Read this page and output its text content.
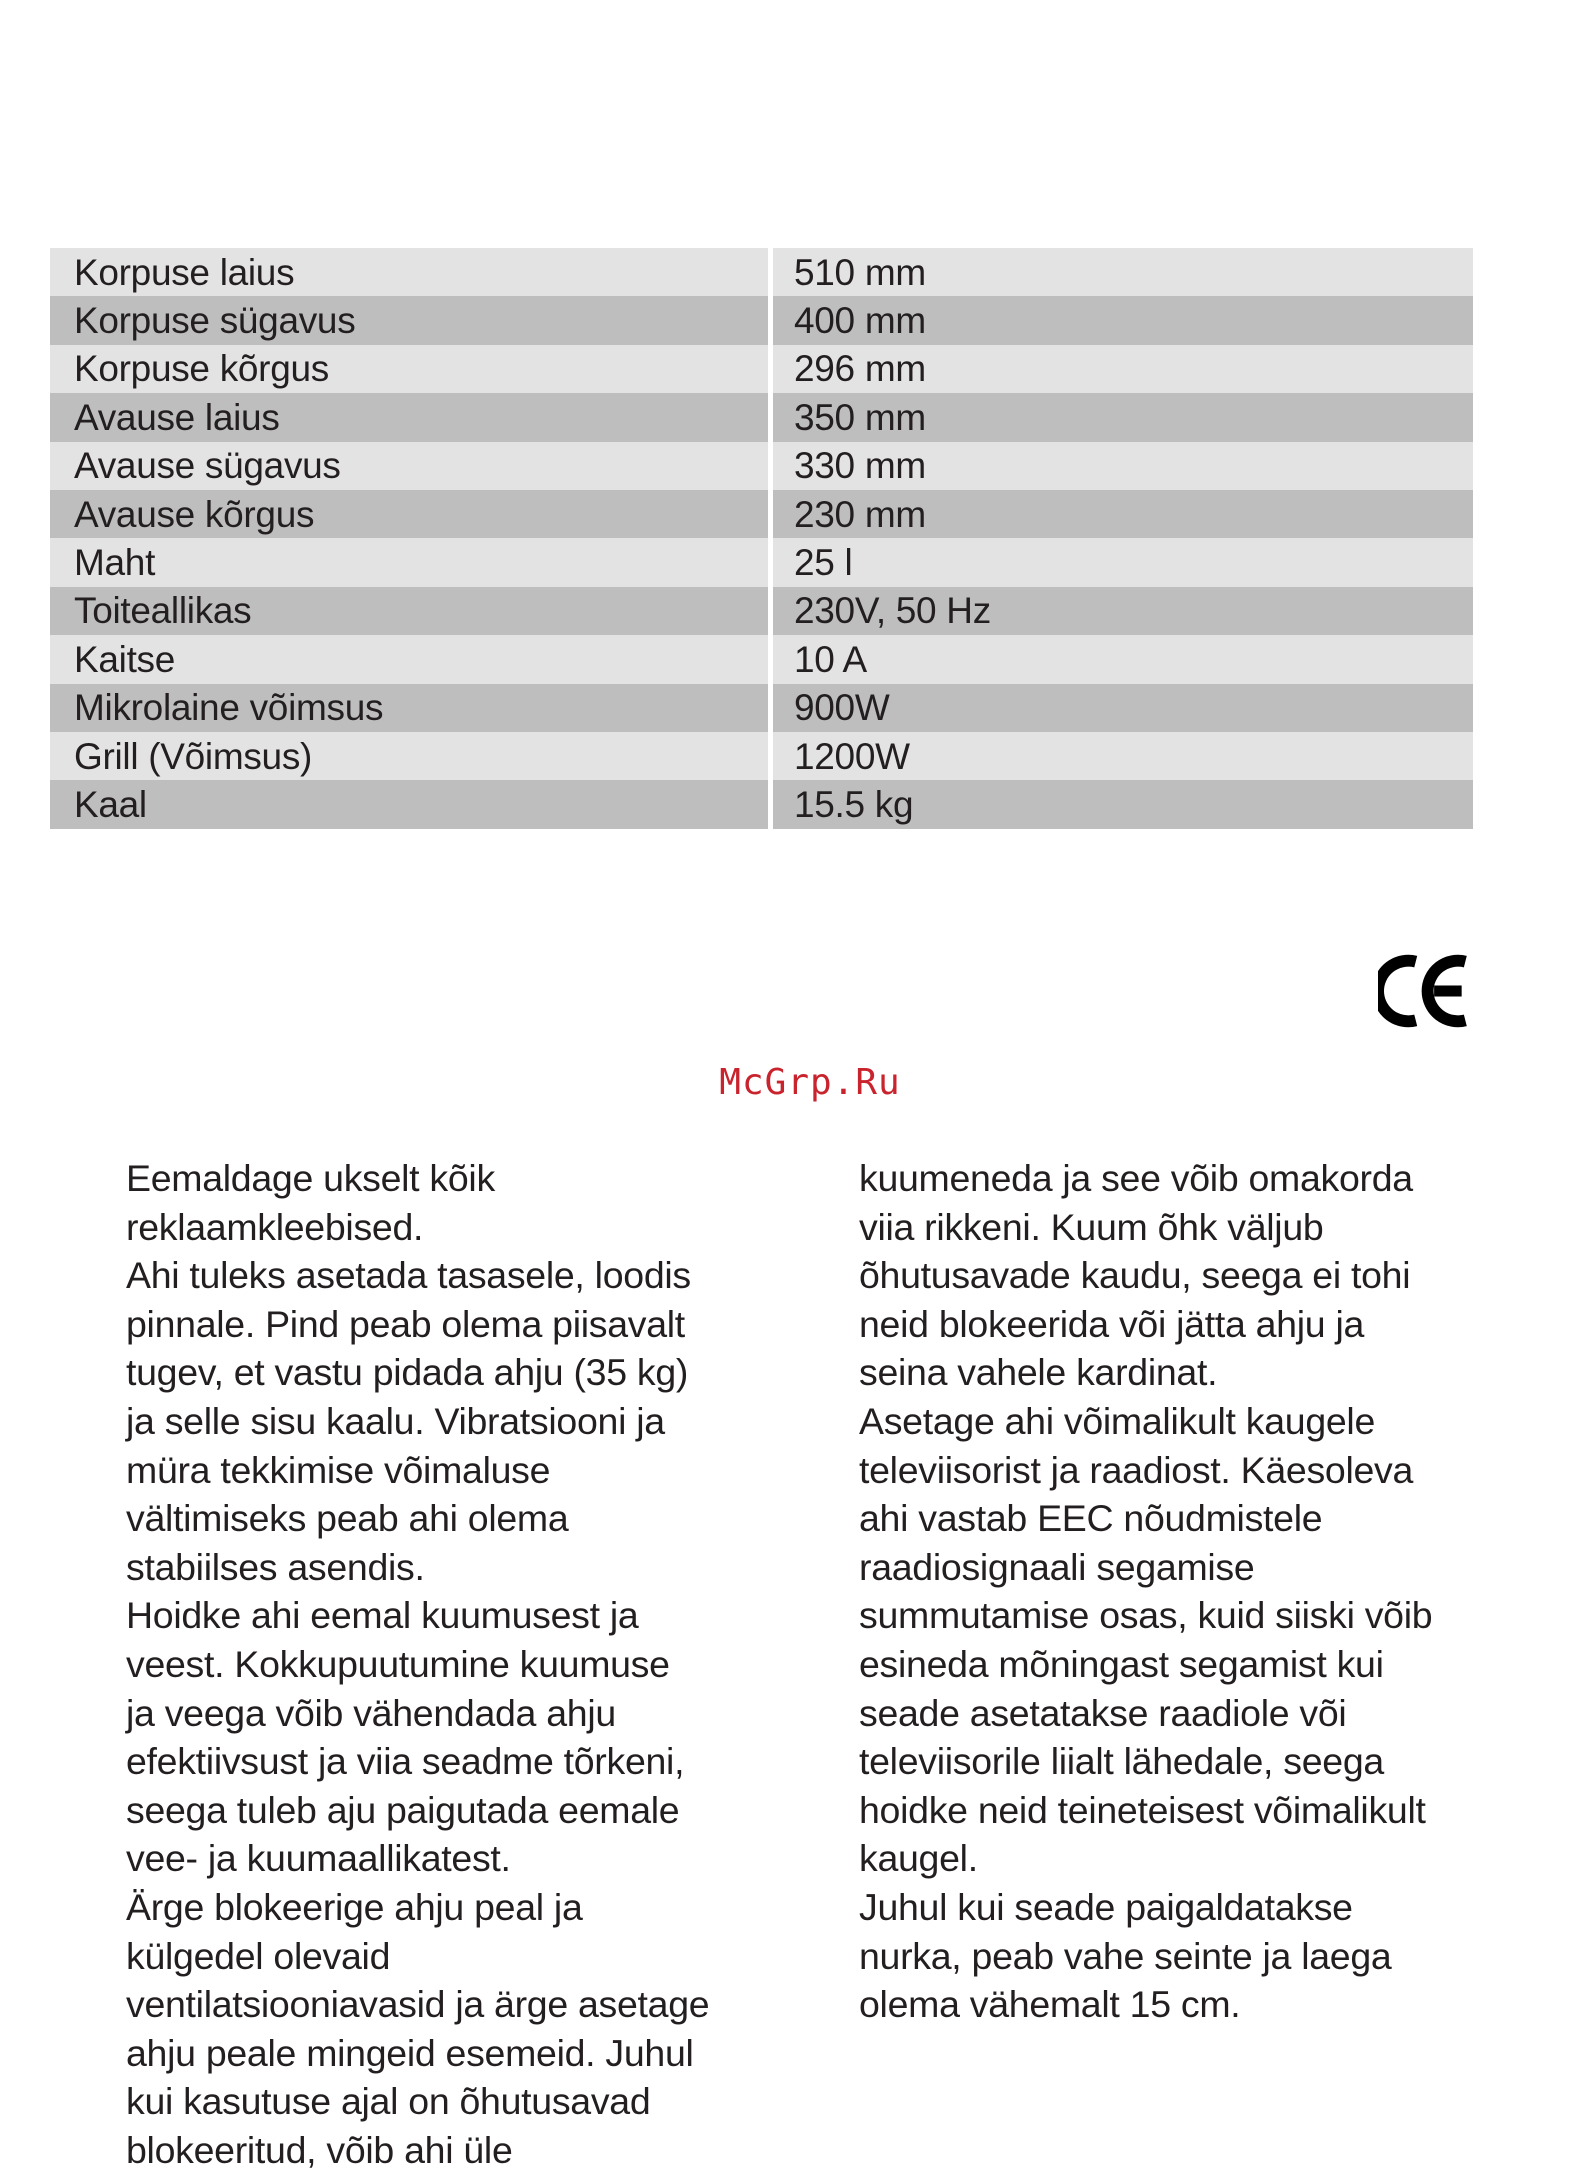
Korpuse laius	510 mm
Korpuse sügavus	400 mm
Korpuse kõrgus	296 mm
Avause laius	350 mm
Avause sügavus	330 mm
Avause kõrgus	230 mm
Maht	25 l
Toiteallikas	230V, 50 Hz
Kaitse	10 A
Mikrolaine võimsus	900W
Grill (Võimsus)	1200W
Kaal	15.5 kg
McGrp.Ru

Eemaldage ukselt kõik
reklaamkleebised.

Ahi tuleks asetada tasasele, loodis
pinnale. Pind peab olema piisavalt
tugev, et vastu pidada ahju (35 kg)
ja selle sisu kaalu. Vibratsiooni ja
müra tekkimise võimaluse
vältimiseks peab ahi olema
stabiilses asendis.

Hoidke ahi eemal kuumusest ja
veest. Kokkupuutumine kuumuse
ja veega võib vähendada ahju
efektiivsust ja viia seadme tõrkeni,
seega tuleb aju paigutada eemale
vee- ja kuumaallikatest.

Ärge blokeerige ahju peal ja
külgedel olevaid
ventilatsiooniavasid ja ärge asetage
ahju peale mingeid esemeid. Juhul
kui kasutuse ajal on õhutusavad
blokeeritud, võib ahi üle

kuumeneda ja see võib omakorda
viia rikkeni. Kuum õhk väljub
õhutusavade kaudu, seega ei tohi
neid blokeerida või jätta ahju ja
seina vahele kardinat.

Asetage ahi võimalikult kaugele
televiisorist ja raadiost. Käesoleva
ahi vastab EEC nõudmistele
raadiosignaali segamise
summutamise osas, kuid siiski võib
esineda mõningast segamist kui
seade asetatakse raadiole või
televiisorile liialt lähedale, seega
hoidke neid teineteisest võimalikult
kaugel.

Juhul kui seade paigaldatakse
nurka, peab vahe seinte ja laega
olema vähemalt 15 cm.
